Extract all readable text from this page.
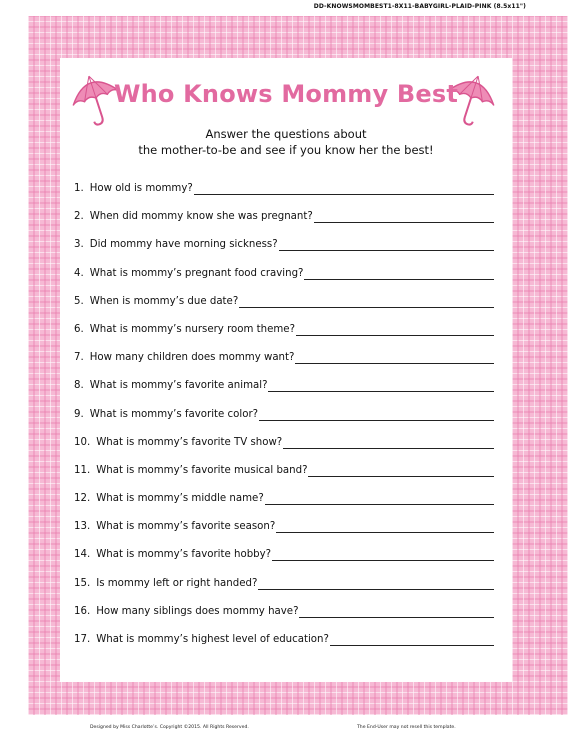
DD-KNOWSMOMBEST1-8X11-BABYGIRL-PLAID-PINK (8.5x11")
Who Knows Mommy Best
Answer the questions about
the mother-to-be and see if you know her the best!
1. How old is mommy?
2. When did mommy know she was pregnant?
3. Did mommy have morning sickness?
4. What is mommy’s pregnant food craving?
5. When is mommy’s due date?
6. What is mommy’s nursery room theme?
7. How many children does mommy want?
8. What is mommy’s favorite animal?
9. What is mommy’s favorite color?
10. What is mommy’s favorite TV show?
11. What is mommy’s favorite musical band?
12. What is mommy’s middle name?
13. What is mommy’s favorite season?
14. What is mommy’s favorite hobby?
15. Is mommy left or right handed?
16. How many siblings does mommy have?
17. What is mommy’s highest level of education?
Designed by Miss Charlotte’s. Copyright ©2015. All Rights Reserved.	The End-User may not resell this template.
